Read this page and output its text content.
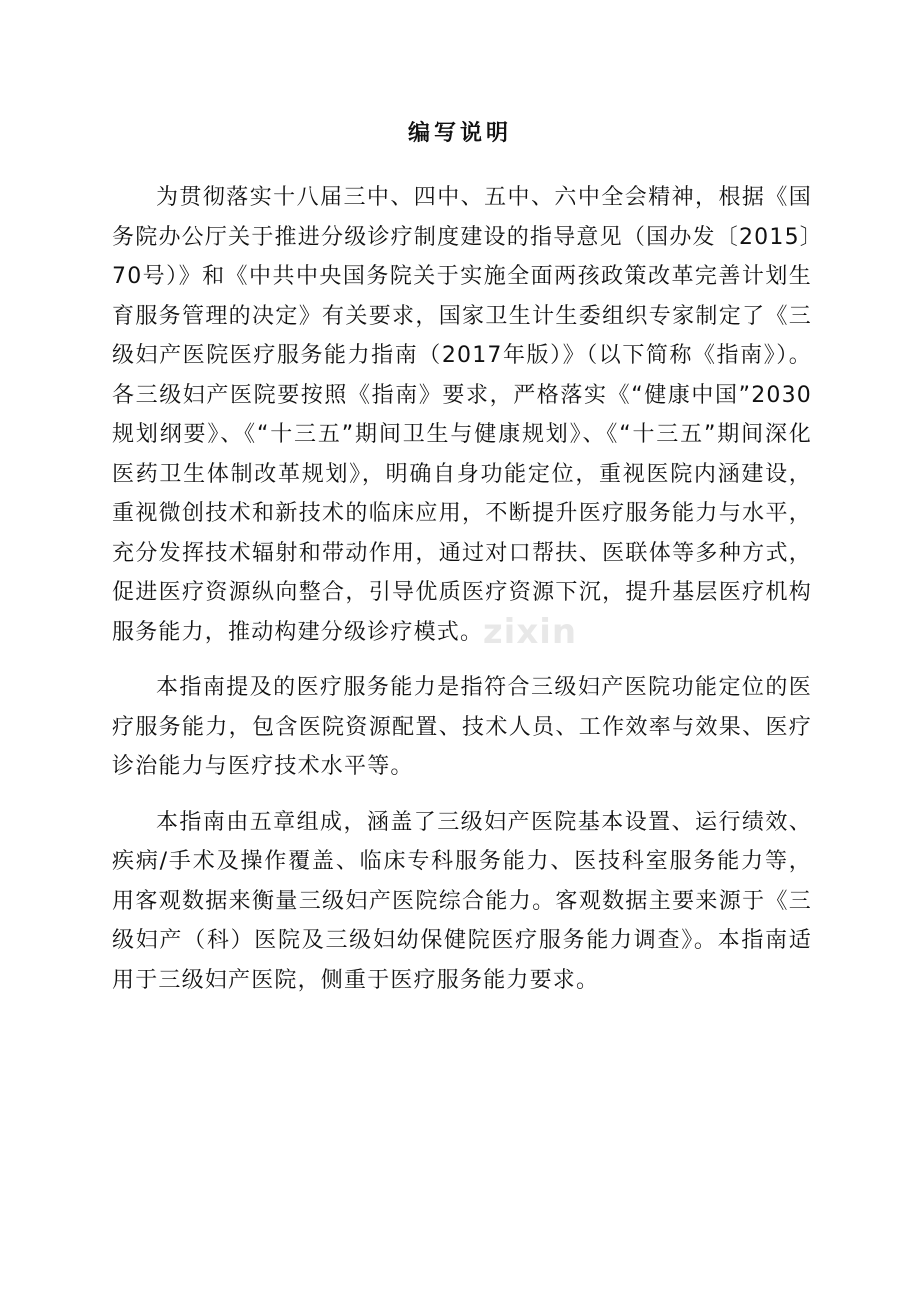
编写说明

为贯彻落实十八届三中、四中、五中、六中全会精神，根据《国务院办公厅关于推进分级诊疗制度建设的指导意见（国办发〔2015〕70号）》和《中共中央国务院关于实施全面两孩政策改革完善计划生育服务管理的决定》有关要求，国家卫生计生委组织专家制定了《三级妇产医院医疗服务能力指南（2017年版）》（以下简称《指南》）。各三级妇产医院要按照《指南》要求，严格落实《“健康中国”2030规划纲要》、《“十三五”期间卫生与健康规划》、《“十三五”期间深化医药卫生体制改革规划》，明确自身功能定位，重视医院内涵建设，重视微创技术和新技术的临床应用，不断提升医疗服务能力与水平，充分发挥技术辐射和带动作用，通过对口帮扶、医联体等多种方式，促进医疗资源纵向整合，引导优质医疗资源下沉，提升基层医疗机构服务能力，推动构建分级诊疗模式。

本指南提及的医疗服务能力是指符合三级妇产医院功能定位的医疗服务能力，包含医院资源配置、技术人员、工作效率与效果、医疗诊治能力与医疗技术水平等。

本指南由五章组成，涵盖了三级妇产医院基本设置、运行绩效、疾病/手术及操作覆盖、临床专科服务能力、医技科室服务能力等，用客观数据来衡量三级妇产医院综合能力。客观数据主要来源于《三级妇产（科）医院及三级妇幼保健院医疗服务能力调查》。本指南适用于三级妇产医院，侧重于医疗服务能力要求。

zixin
